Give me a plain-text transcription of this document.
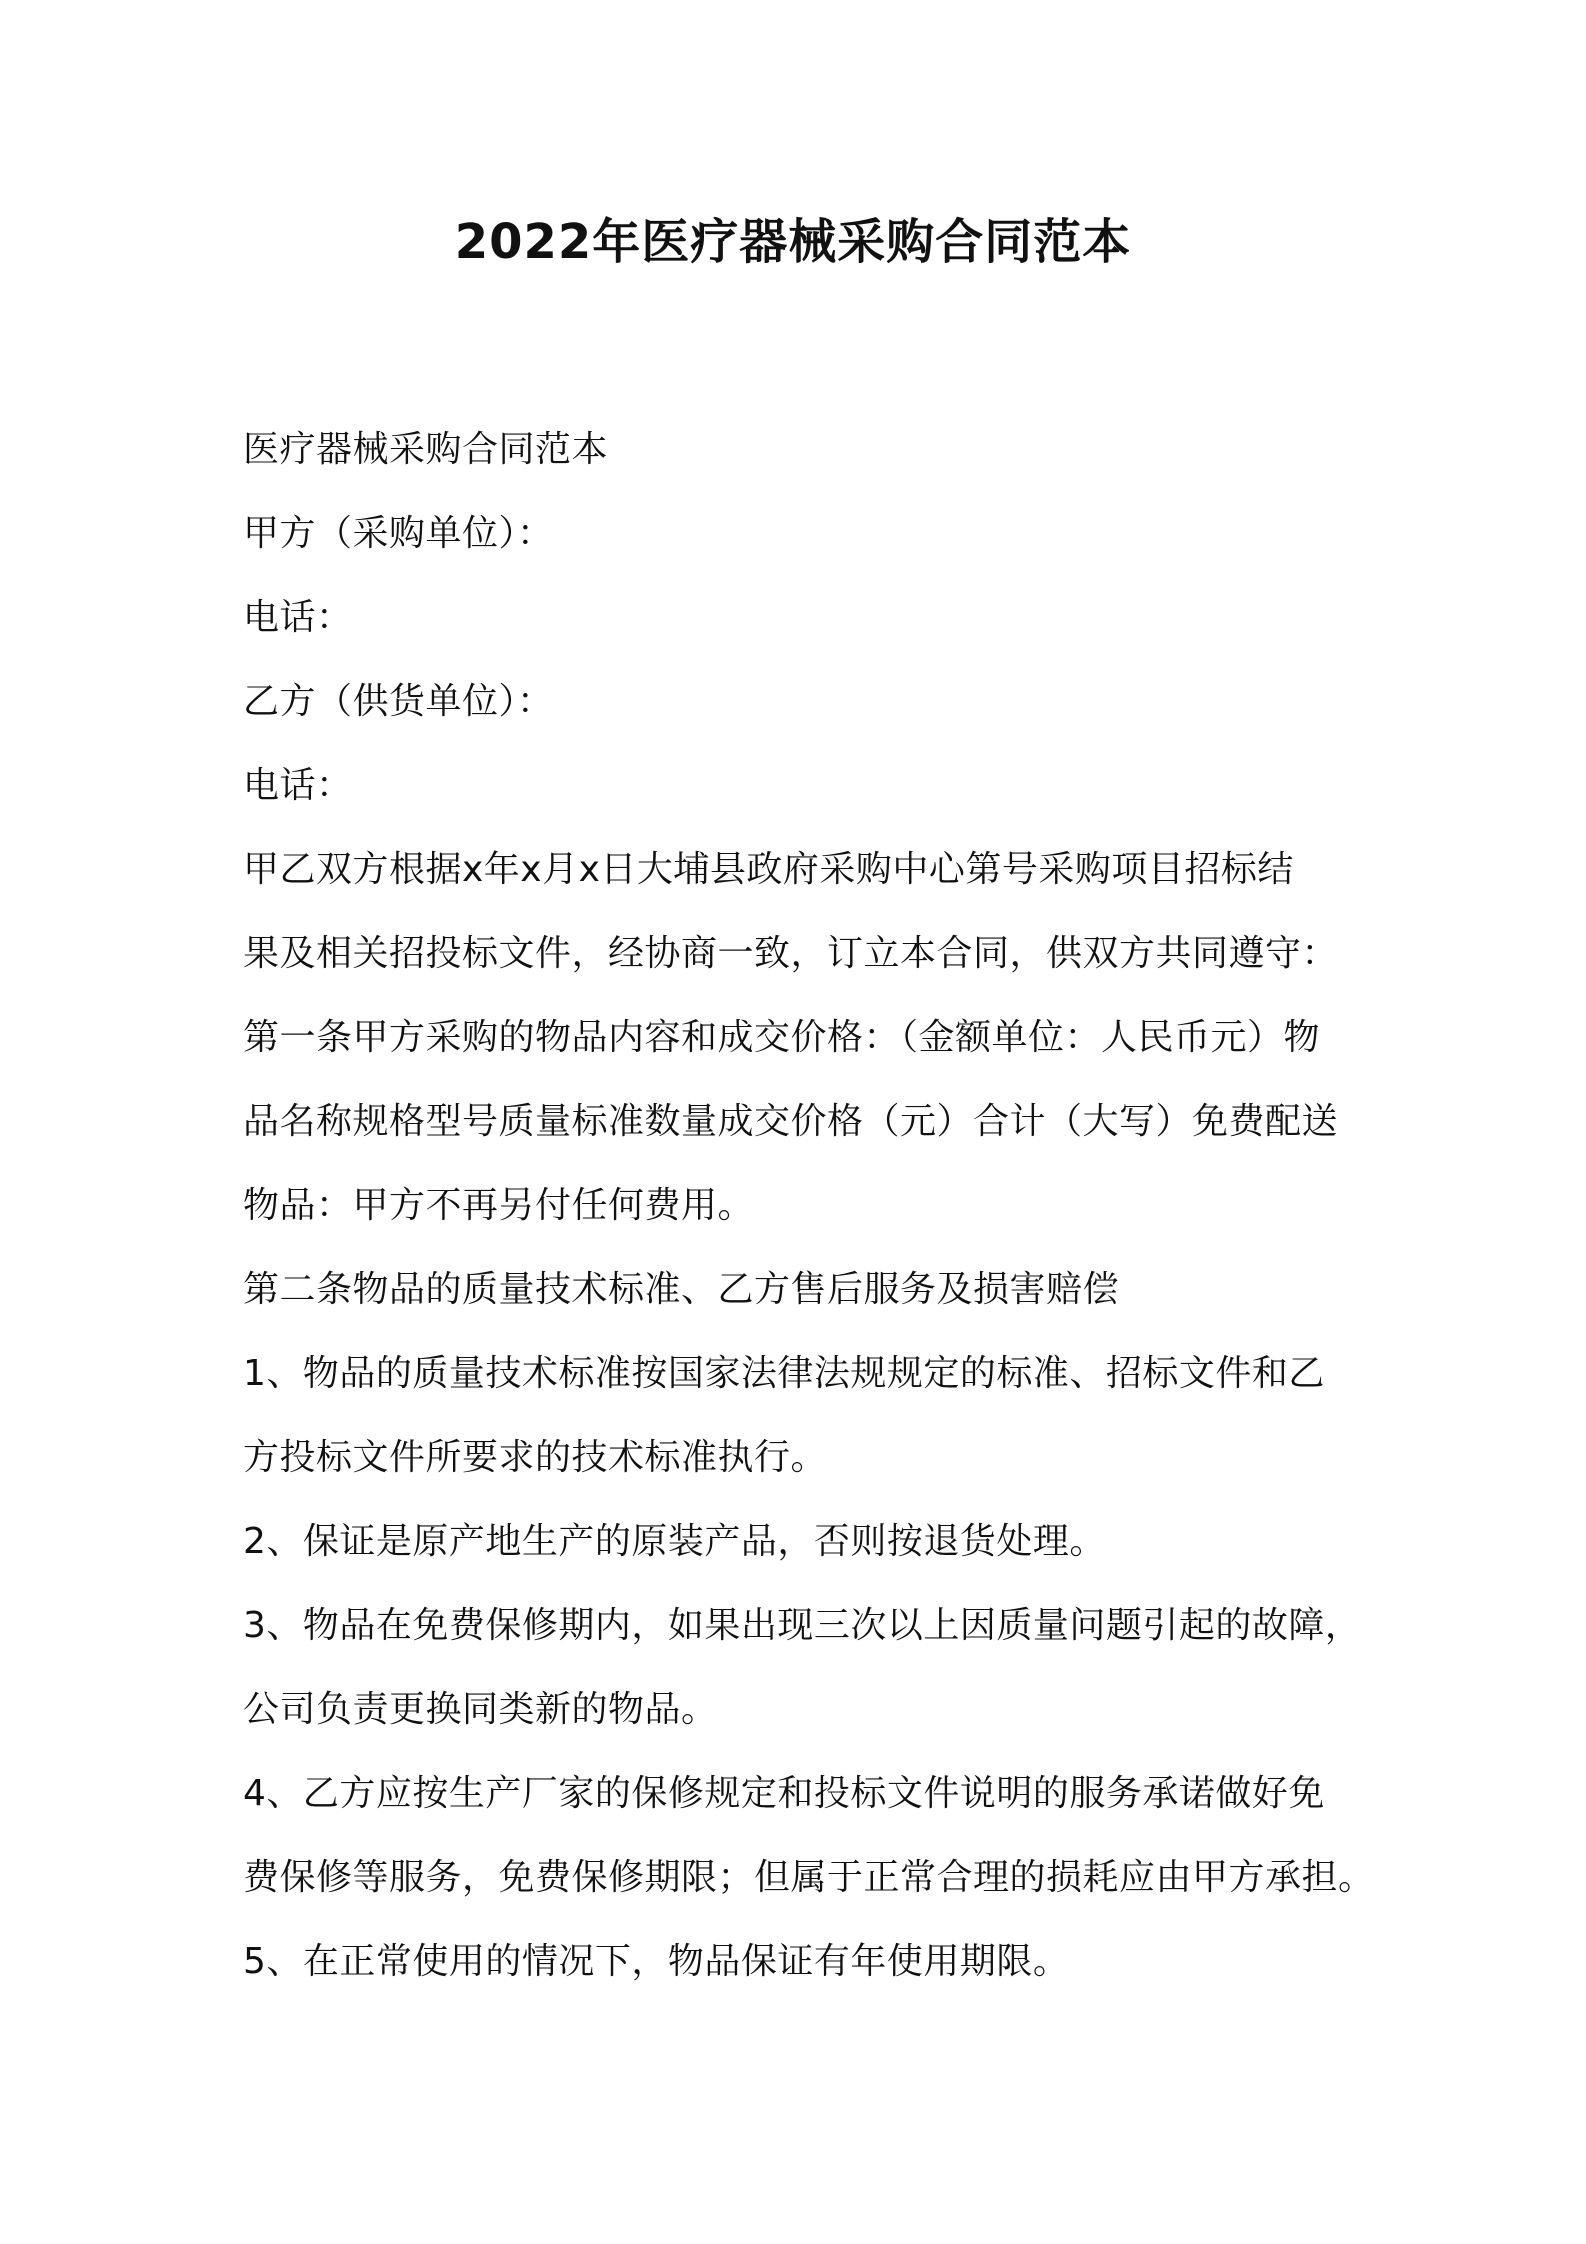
2022年医疗器械采购合同范本
医疗器械采购合同范本
甲方（采购单位）：
电话：
乙方（供货单位）：
电话：
甲乙双方根据x年x月x日大埔县政府采购中心第号采购项目招标结
果及相关招投标文件，经协商一致，订立本合同，供双方共同遵守：
第一条甲方采购的物品内容和成交价格：（金额单位：人民币元）物
品名称规格型号质量标准数量成交价格（元）合计（大写）免费配送
物品：甲方不再另付任何费用。
第二条物品的质量技术标准、乙方售后服务及损害赔偿
1、物品的质量技术标准按国家法律法规规定的标准、招标文件和乙
方投标文件所要求的技术标准执行。
2、保证是原产地生产的原装产品，否则按退货处理。
3、物品在免费保修期内，如果出现三次以上因质量问题引起的故障，
公司负责更换同类新的物品。
4、乙方应按生产厂家的保修规定和投标文件说明的服务承诺做好免
费保修等服务，免费保修期限；但属于正常合理的损耗应由甲方承担。
5、在正常使用的情况下，物品保证有年使用期限。
